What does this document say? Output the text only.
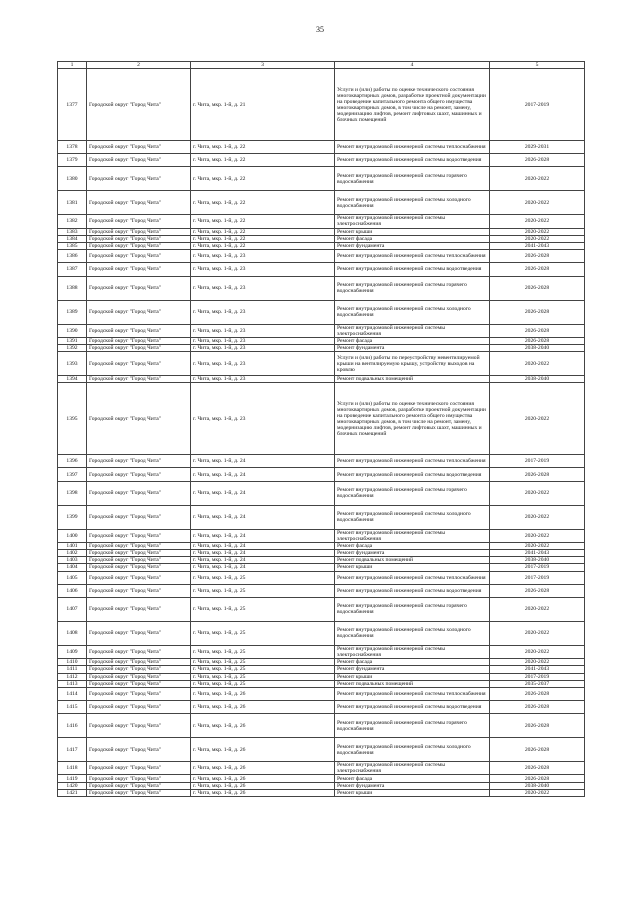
35
1	2	3	4	5
1377	Городской округ "Город Чита"	г. Чита, мкр. 1-й, д. 21	Услуги и (или) работы по оценке технического состояния многоквартирных домов, разработке проектной документации на проведение капитального ремонта общего имущества многоквартирных домов, в том числе на ремонт, замену, модернизацию лифтов, ремонт лифтовых шахт, машинных и блочных помещений	2017-2019
1378	Городской округ "Город Чита"	г. Чита, мкр. 1-й, д. 22	Ремонт внутридомовой инженерной системы теплоснабжения	2029-2031
1379	Городской округ "Город Чита"	г. Чита, мкр. 1-й, д. 22	Ремонт внутридомовой инженерной системы водоотведения	2026-2028
1380	Городской округ "Город Чита"	г. Чита, мкр. 1-й, д. 22	Ремонт внутридомовой инженерной системы горячего водоснабжения	2020-2022
1381	Городской округ "Город Чита"	г. Чита, мкр. 1-й, д. 22	Ремонт внутридомовой инженерной системы холодного водоснабжения	2020-2022
1382	Городской округ "Город Чита"	г. Чита, мкр. 1-й, д. 22	Ремонт внутридомовой инженерной системы электроснабжения	2020-2022
1383	Городской округ "Город Чита"	г. Чита, мкр. 1-й, д. 22	Ремонт крыши	2020-2022
1384	Городской округ "Город Чита"	г. Чита, мкр. 1-й, д. 22	Ремонт фасада	2020-2022
1385	Городской округ "Город Чита"	г. Чита, мкр. 1-й, д. 22	Ремонт фундамента	2041-2043
1386	Городской округ "Город Чита"	г. Чита, мкр. 1-й, д. 23	Ремонт внутридомовой инженерной системы теплоснабжения	2026-2028
1387	Городской округ "Город Чита"	г. Чита, мкр. 1-й, д. 23	Ремонт внутридомовой инженерной системы водоотведения	2026-2028
1388	Городской округ "Город Чита"	г. Чита, мкр. 1-й, д. 23	Ремонт внутридомовой инженерной системы горячего водоснабжения	2026-2028
1389	Городской округ "Город Чита"	г. Чита, мкр. 1-й, д. 23	Ремонт внутридомовой инженерной системы холодного водоснабжения	2026-2028
1390	Городской округ "Город Чита"	г. Чита, мкр. 1-й, д. 23	Ремонт внутридомовой инженерной системы электроснабжения	2026-2028
1391	Городской округ "Город Чита"	г. Чита, мкр. 1-й, д. 23	Ремонт фасада	2026-2028
1392	Городской округ "Город Чита"	г. Чита, мкр. 1-й, д. 23	Ремонт фундамента	2038-2040
1393	Городской округ "Город Чита"	г. Чита, мкр. 1-й, д. 23	Услуги и (или) работы по переустройству невентилируемой крыши на вентилируемую крышу, устройству выходов на кровлю	2020-2022
1394	Городской округ "Город Чита"	г. Чита, мкр. 1-й, д. 23	Ремонт подвальных помещений	2038-2040
1395	Городской округ "Город Чита"	г. Чита, мкр. 1-й, д. 23	Услуги и (или) работы по оценке технического состояния многоквартирных домов, разработке проектной документации на проведение капитального ремонта общего имущества многоквартирных домов, в том числе на ремонт, замену, модернизацию лифтов, ремонт лифтовых шахт, машинных и блочных помещений	2020-2022
1396	Городской округ "Город Чита"	г. Чита, мкр. 1-й, д. 24	Ремонт внутридомовой инженерной системы теплоснабжения	2017-2019
1397	Городской округ "Город Чита"	г. Чита, мкр. 1-й, д. 24	Ремонт внутридомовой инженерной системы водоотведения	2026-2028
1398	Городской округ "Город Чита"	г. Чита, мкр. 1-й, д. 24	Ремонт внутридомовой инженерной системы горячего водоснабжения	2020-2022
1399	Городской округ "Город Чита"	г. Чита, мкр. 1-й, д. 24	Ремонт внутридомовой инженерной системы холодного водоснабжения	2020-2022
1400	Городской округ "Город Чита"	г. Чита, мкр. 1-й, д. 24	Ремонт внутридомовой инженерной системы электроснабжения	2020-2022
1401	Городской округ "Город Чита"	г. Чита, мкр. 1-й, д. 24	Ремонт фасада	2020-2022
1402	Городской округ "Город Чита"	г. Чита, мкр. 1-й, д. 24	Ремонт фундамента	2041-2043
1403	Городской округ "Город Чита"	г. Чита, мкр. 1-й, д. 24	Ремонт подвальных помещений	2038-2040
1404	Городской округ "Город Чита"	г. Чита, мкр. 1-й, д. 24	Ремонт крыши	2017-2019
1405	Городской округ "Город Чита"	г. Чита, мкр. 1-й, д. 25	Ремонт внутридомовой инженерной системы теплоснабжения	2017-2019
1406	Городской округ "Город Чита"	г. Чита, мкр. 1-й, д. 25	Ремонт внутридомовой инженерной системы водоотведения	2026-2028
1407	Городской округ "Город Чита"	г. Чита, мкр. 1-й, д. 25	Ремонт внутридомовой инженерной системы горячего водоснабжения	2020-2022
1408	Городской округ "Город Чита"	г. Чита, мкр. 1-й, д. 25	Ремонт внутридомовой инженерной системы холодного водоснабжения	2020-2022
1409	Городской округ "Город Чита"	г. Чита, мкр. 1-й, д. 25	Ремонт внутридомовой инженерной системы электроснабжения	2020-2022
1410	Городской округ "Город Чита"	г. Чита, мкр. 1-й, д. 25	Ремонт фасада	2020-2022
1411	Городской округ "Город Чита"	г. Чита, мкр. 1-й, д. 25	Ремонт фундамента	2041-2043
1412	Городской округ "Город Чита"	г. Чита, мкр. 1-й, д. 25	Ремонт крыши	2017-2019
1413	Городской округ "Город Чита"	г. Чита, мкр. 1-й, д. 25	Ремонт подвальных помещений	2035-2037
1414	Городской округ "Город Чита"	г. Чита, мкр. 1-й, д. 26	Ремонт внутридомовой инженерной системы теплоснабжения	2026-2028
1415	Городской округ "Город Чита"	г. Чита, мкр. 1-й, д. 26	Ремонт внутридомовой инженерной системы водоотведения	2026-2028
1416	Городской округ "Город Чита"	г. Чита, мкр. 1-й, д. 26	Ремонт внутридомовой инженерной системы горячего водоснабжения	2026-2028
1417	Городской округ "Город Чита"	г. Чита, мкр. 1-й, д. 26	Ремонт внутридомовой инженерной системы холодного водоснабжения	2026-2028
1418	Городской округ "Город Чита"	г. Чита, мкр. 1-й, д. 26	Ремонт внутридомовой инженерной системы электроснабжения	2026-2028
1419	Городской округ "Город Чита"	г. Чита, мкр. 1-й, д. 26	Ремонт фасада	2026-2028
1420	Городской округ "Город Чита"	г. Чита, мкр. 1-й, д. 26	Ремонт фундамента	2038-2040
1421	Городской округ "Город Чита"	г. Чита, мкр. 1-й, д. 26	Ремонт крыши	2020-2022
